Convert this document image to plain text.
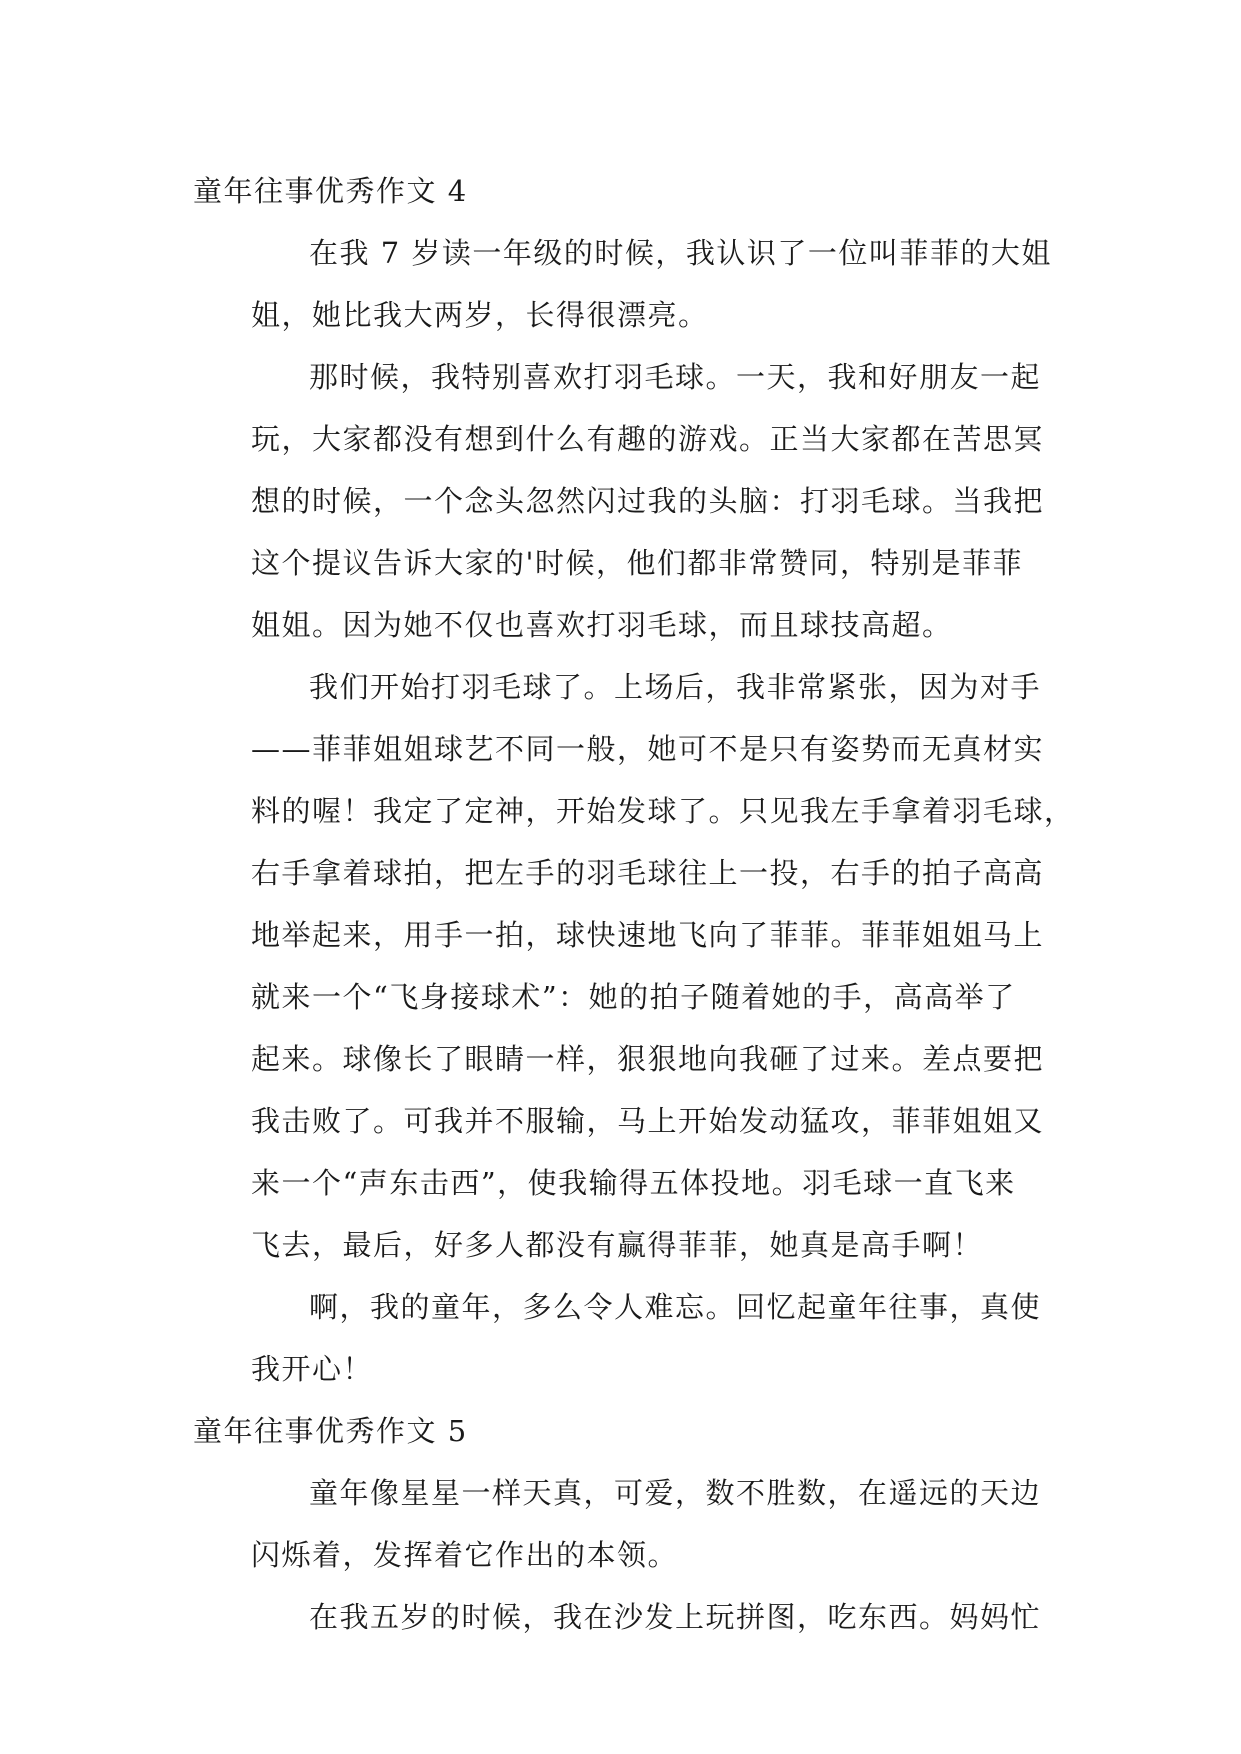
童年往事优秀作文 4
在我 7 岁读一年级的时候，我认识了一位叫菲菲的大姐
姐，她比我大两岁，长得很漂亮。
那时候，我特别喜欢打羽毛球。一天，我和好朋友一起
玩，大家都没有想到什么有趣的游戏。正当大家都在苦思冥
想的时候，一个念头忽然闪过我的头脑：打羽毛球。当我把
这个提议告诉大家的'时候，他们都非常赞同，特别是菲菲
姐姐。因为她不仅也喜欢打羽毛球，而且球技高超。
我们开始打羽毛球了。上场后，我非常紧张，因为对手
——菲菲姐姐球艺不同一般，她可不是只有姿势而无真材实
料的喔！我定了定神，开始发球了。只见我左手拿着羽毛球，
右手拿着球拍，把左手的羽毛球往上一投，右手的拍子高高
地举起来，用手一拍，球快速地飞向了菲菲。菲菲姐姐马上
就来一个“飞身接球术”：她的拍子随着她的手，高高举了
起来。球像长了眼睛一样，狠狠地向我砸了过来。差点要把
我击败了。可我并不服输，马上开始发动猛攻，菲菲姐姐又
来一个“声东击西”，使我输得五体投地。羽毛球一直飞来
飞去，最后，好多人都没有赢得菲菲，她真是高手啊！
啊，我的童年，多么令人难忘。回忆起童年往事，真使
我开心！
童年往事优秀作文 5
童年像星星一样天真，可爱，数不胜数，在遥远的天边
闪烁着，发挥着它作出的本领。
在我五岁的时候，我在沙发上玩拼图，吃东西。妈妈忙
